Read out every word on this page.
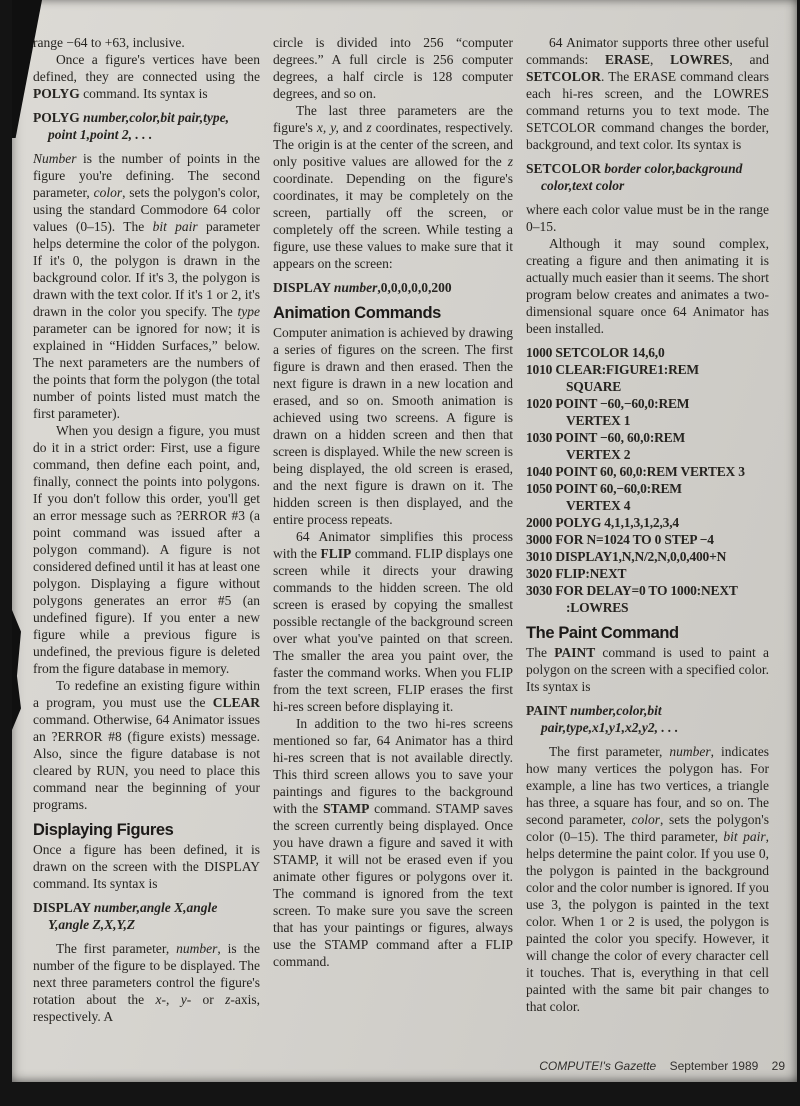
range −64 to +63, inclusive.

Once a figure's vertices have been defined, they are connected using the POLYG command. Its syntax is

POLYG number,color,bit pair,type, point 1,point 2, . . .

Number is the number of points in the figure you're defining. The second parameter, color, sets the polygon's color, using the standard Commodore 64 color values (0–15). The bit pair parameter helps determine the color of the polygon. If it's 0, the polygon is drawn in the background color. If it's 3, the polygon is drawn with the text color. If it's 1 or 2, it's drawn in the color you specify. The type parameter can be ignored for now; it is explained in “Hidden Surfaces,” below. The next parameters are the numbers of the points that form the polygon (the total number of points listed must match the first parameter).

When you design a figure, you must do it in a strict order: First, use a figure command, then define each point, and, finally, connect the points into polygons. If you don't follow this order, you'll get an error message such as ?ERROR #3 (a point command was issued after a polygon command). A figure is not considered defined until it has at least one polygon. Displaying a figure without polygons generates an error #5 (an undefined figure). If you enter a new figure while a previous figure is undefined, the previous figure is deleted from the figure database in memory.

To redefine an existing figure within a program, you must use the CLEAR command. Otherwise, 64 Animator issues an ?ERROR #8 (figure exists) message. Also, since the figure database is not cleared by RUN, you need to place this command near the beginning of your programs.

Displaying Figures

Once a figure has been defined, it is drawn on the screen with the DISPLAY command. Its syntax is

DISPLAY number,angle X,angle Y,angle Z,X,Y,Z

The first parameter, number, is the number of the figure to be displayed. The next three parameters control the figure's rotation about the x-, y- or z-axis, respectively. A

circle is divided into 256 “computer degrees.” A full circle is 256 computer degrees, a half circle is 128 computer degrees, and so on.

The last three parameters are the figure's x, y, and z coordinates, respectively. The origin is at the center of the screen, and only positive values are allowed for the z coordinate. Depending on the figure's coordinates, it may be completely on the screen, partially off the screen, or completely off the screen. While testing a figure, use these values to make sure that it appears on the screen:

DISPLAY number,0,0,0,0,0,200

Animation Commands

Computer animation is achieved by drawing a series of figures on the screen. The first figure is drawn and then erased. Then the next figure is drawn in a new location and erased, and so on. Smooth animation is achieved using two screens. A figure is drawn on a hidden screen and then that screen is displayed. While the new screen is being displayed, the old screen is erased, and the next figure is drawn on it. The hidden screen is then displayed, and the entire process repeats.

64 Animator simplifies this process with the FLIP command. FLIP displays one screen while it directs your drawing commands to the hidden screen. The old screen is erased by copying the smallest possible rectangle of the background screen over what you've painted on that screen. The smaller the area you paint over, the faster the command works. When you FLIP from the text screen, FLIP erases the first hi-res screen before displaying it.

In addition to the two hi-res screens mentioned so far, 64 Animator has a third hi-res screen that is not available directly. This third screen allows you to save your paintings and figures to the background with the STAMP command. STAMP saves the screen currently being displayed. Once you have drawn a figure and saved it with STAMP, it will not be erased even if you animate other figures or polygons over it. The command is ignored from the text screen. To make sure you save the screen that has your paintings or figures, always use the STAMP command after a FLIP command.

64 Animator supports three other useful commands: ERASE, LOWRES, and SETCOLOR. The ERASE command clears each hi-res screen, and the LOWRES command returns you to text mode. The SETCOLOR command changes the border, background, and text color. Its syntax is

SETCOLOR border color,background color,text color

where each color value must be in the range 0–15.

Although it may sound complex, creating a figure and then animating it is actually much easier than it seems. The short program below creates and animates a two-dimensional square once 64 Animator has been installed.

1000 SETCOLOR 14,6,0
1010 CLEAR:FIGURE1:REM
SQUARE
1020 POINT −60,−60,0:REM
VERTEX 1
1030 POINT −60, 60,0:REM
VERTEX 2
1040 POINT 60, 60,0:REM VERTEX 3
1050 POINT 60,−60,0:REM
VERTEX 4
2000 POLYG 4,1,1,3,1,2,3,4
3000 FOR N=1024 TO 0 STEP −4
3010 DISPLAY1,N,N/2,N,0,0,400+N
3020 FLIP:NEXT
3030 FOR DELAY=0 TO 1000:NEXT
:LOWRES
The Paint Command

The PAINT command is used to paint a polygon on the screen with a specified color. Its syntax is

PAINT number,color,bit pair,type,x1,y1,x2,y2, . . .

The first parameter, number, indicates how many vertices the polygon has. For example, a line has two vertices, a triangle has three, a square has four, and so on. The second parameter, color, sets the polygon's color (0–15). The third parameter, bit pair, helps determine the paint color. If you use 0, the polygon is painted in the background color and the color number is ignored. If you use 3, the polygon is painted in the text color. When 1 or 2 is used, the polygon is painted the color you specify. However, it will change the color of every character cell it touches. That is, everything in that cell painted with the same bit pair changes to that color.

COMPUTE!'s Gazette September 1989 29
